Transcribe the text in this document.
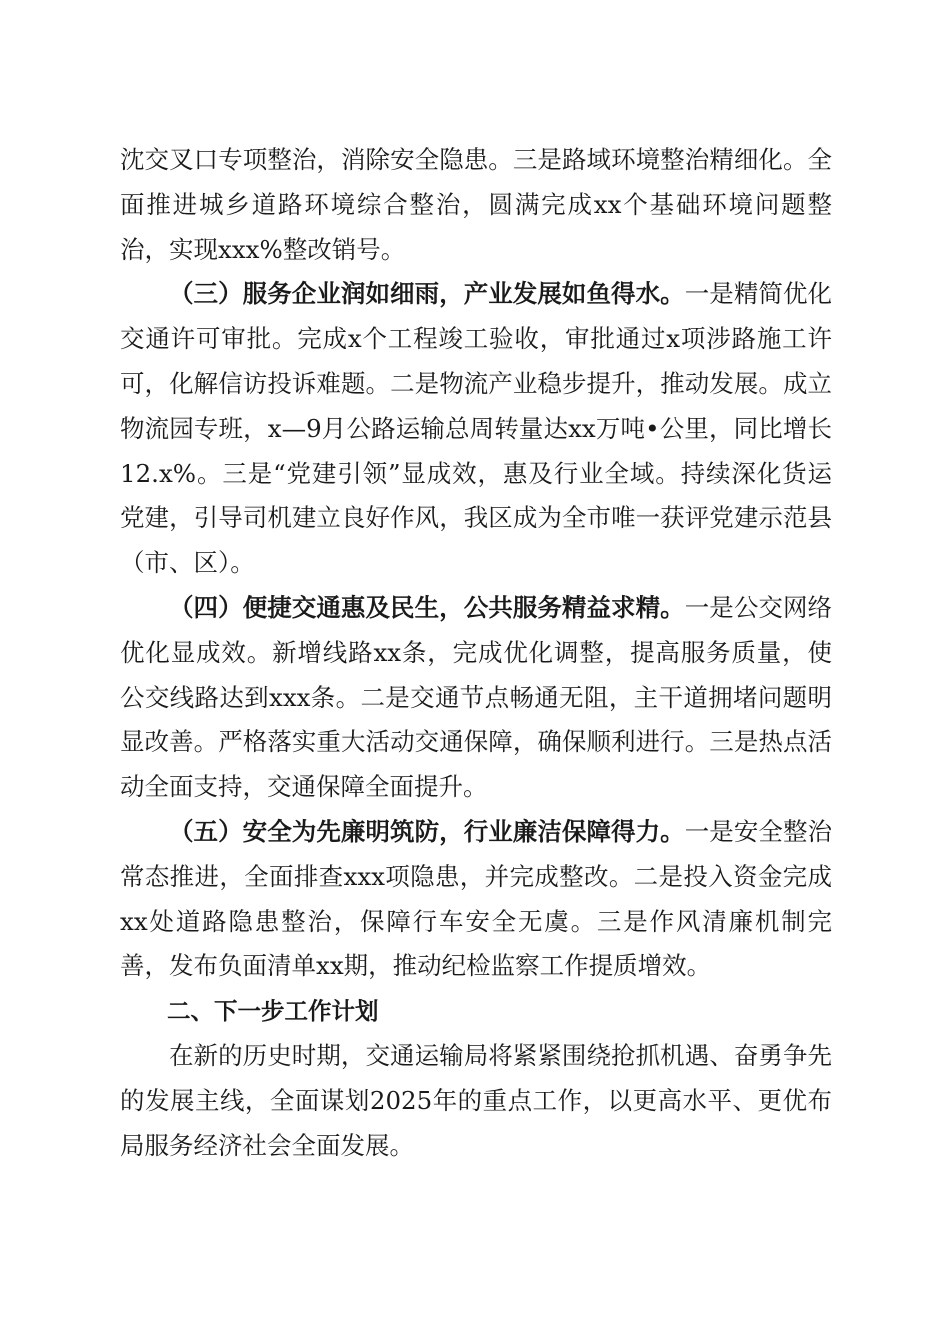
沈交叉口专项整治，消除安全隐患。三是路域环境整治精细化。全面推进城乡道路环境综合整治，圆满完成xx个基础环境问题整治，实现xxx%整改销号。

（三）服务企业润如细雨，产业发展如鱼得水。一是精简优化交通许可审批。完成x个工程竣工验收，审批通过x项涉路施工许可，化解信访投诉难题。二是物流产业稳步提升，推动发展。成立物流园专班，x—9月公路运输总周转量达xx万吨•公里，同比增长12.x%。三是“党建引领”显成效，惠及行业全域。持续深化货运党建，引导司机建立良好作风，我区成为全市唯一获评党建示范县（市、区）。

（四）便捷交通惠及民生，公共服务精益求精。一是公交网络优化显成效。新增线路xx条，完成优化调整，提高服务质量，使公交线路达到xxx条。二是交通节点畅通无阻，主干道拥堵问题明显改善。严格落实重大活动交通保障，确保顺利进行。三是热点活动全面支持，交通保障全面提升。

（五）安全为先廉明筑防，行业廉洁保障得力。一是安全整治常态推进，全面排查xxx项隐患，并完成整改。二是投入资金完成xx处道路隐患整治，保障行车安全无虞。三是作风清廉机制完善，发布负面清单xx期，推动纪检监察工作提质增效。

二、下一步工作计划

在新的历史时期，交通运输局将紧紧围绕抢抓机遇、奋勇争先的发展主线，全面谋划2025年的重点工作，以更高水平、更优布局服务经济社会全面发展。
